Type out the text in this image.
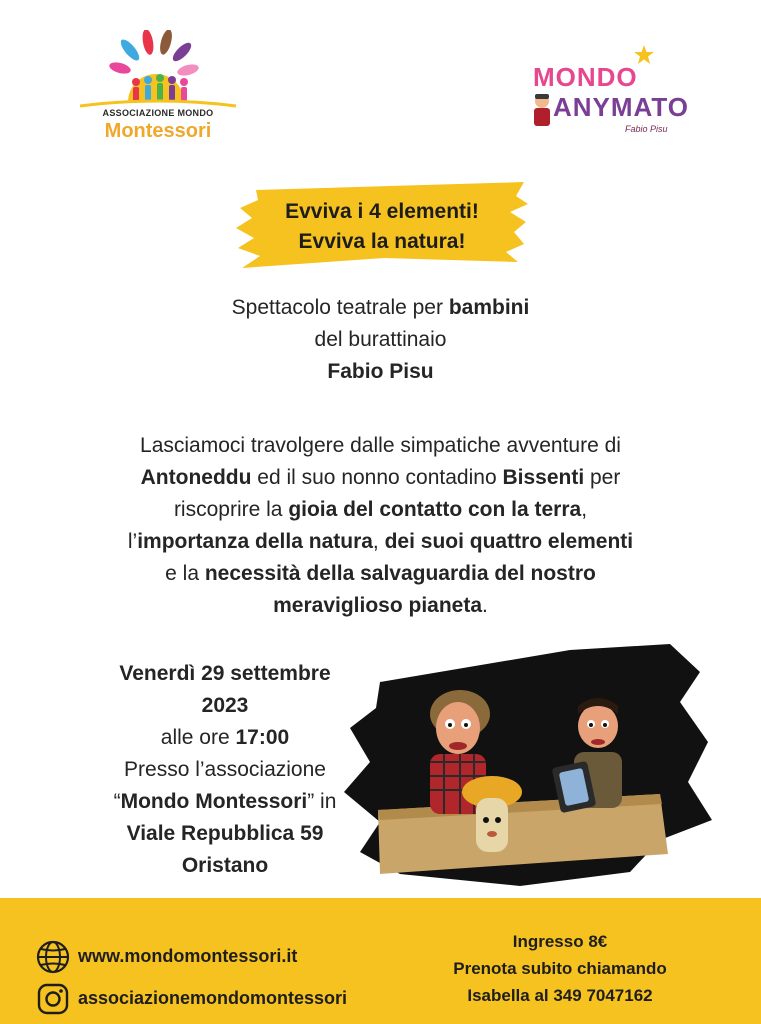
ASSOCIAZIONE MONDO
Montessori
MONDO
ANYMATO
Fabio Pisu
Evviva i 4 elementi!
Evviva la natura!
Spettacolo teatrale per bambini
del burattinaio
Fabio Pisu
Lasciamoci travolgere dalle simpatiche avventure di
Antoneddu ed il suo nonno contadino Bissenti per
riscoprire la gioia del contatto con la terra,
l’importanza della natura, dei suoi quattro elementi
e la necessità della salvaguardia del nostro
meraviglioso pianeta.
Venerdì 29 settembre
2023
alle ore 17:00
Presso l’associazione
“Mondo Montessori” in
Viale Repubblica 59
Oristano
www.mondomontessori.it
associazionemondomontessori
Ingresso 8€
Prenota subito chiamando
Isabella al 349 7047162
